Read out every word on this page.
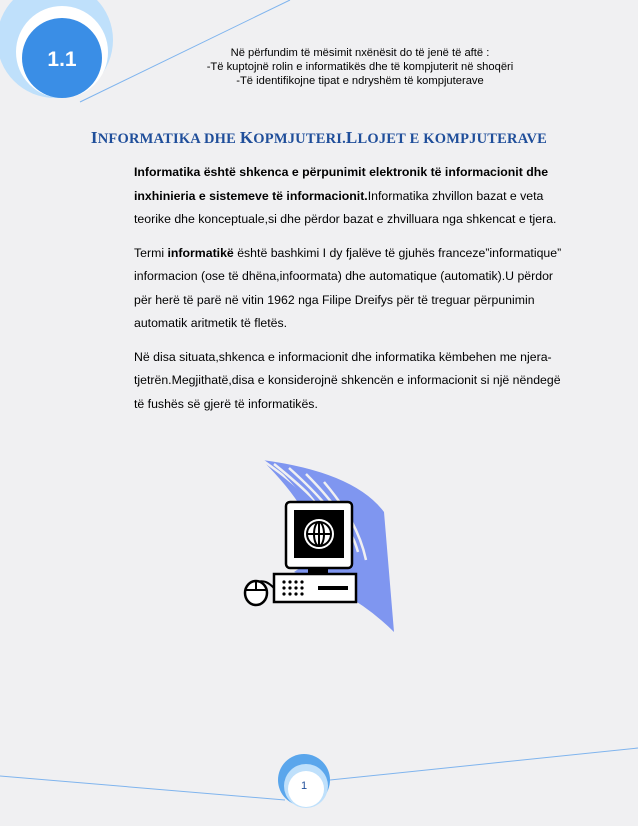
1.1	Në përfundim të mësimit nxënësit do të jenë të aftë :
-Të kuptojnë rolin e informatikës dhe të kompjuterit në shoqëri
-Të identifikojne tipat e ndryshëm të kompjuterave
INFORMATIKA DHE KOPMJUTERI.LLOJET E KOMPJUTERAVE

Informatika është shkenca e përpunimit elektronik të informacionit dhe inxhinieria e sistemeve të informacionit.Informatika zhvillon bazat e veta teorike dhe konceptuale,si dhe përdor bazat e zhvilluara nga shkencat e tjera.

Termi informatikë është bashkimi I dy fjalëve të gjuhës franceze”informatique” informacion (ose të dhëna,infoormata) dhe automatique (automatik).U përdor për herë të parë në vitin 1962 nga Filipe Dreifys për të treguar përpunimin automatik aritmetik të fletës.

Në disa situata,shkenca e informacionit dhe informatika këmbehen me njera-tjetrën.Megjithatë,disa e konsiderojnë shkencën e informacionit si një nëndegë të fushës së gjerë të informatikës.

1
